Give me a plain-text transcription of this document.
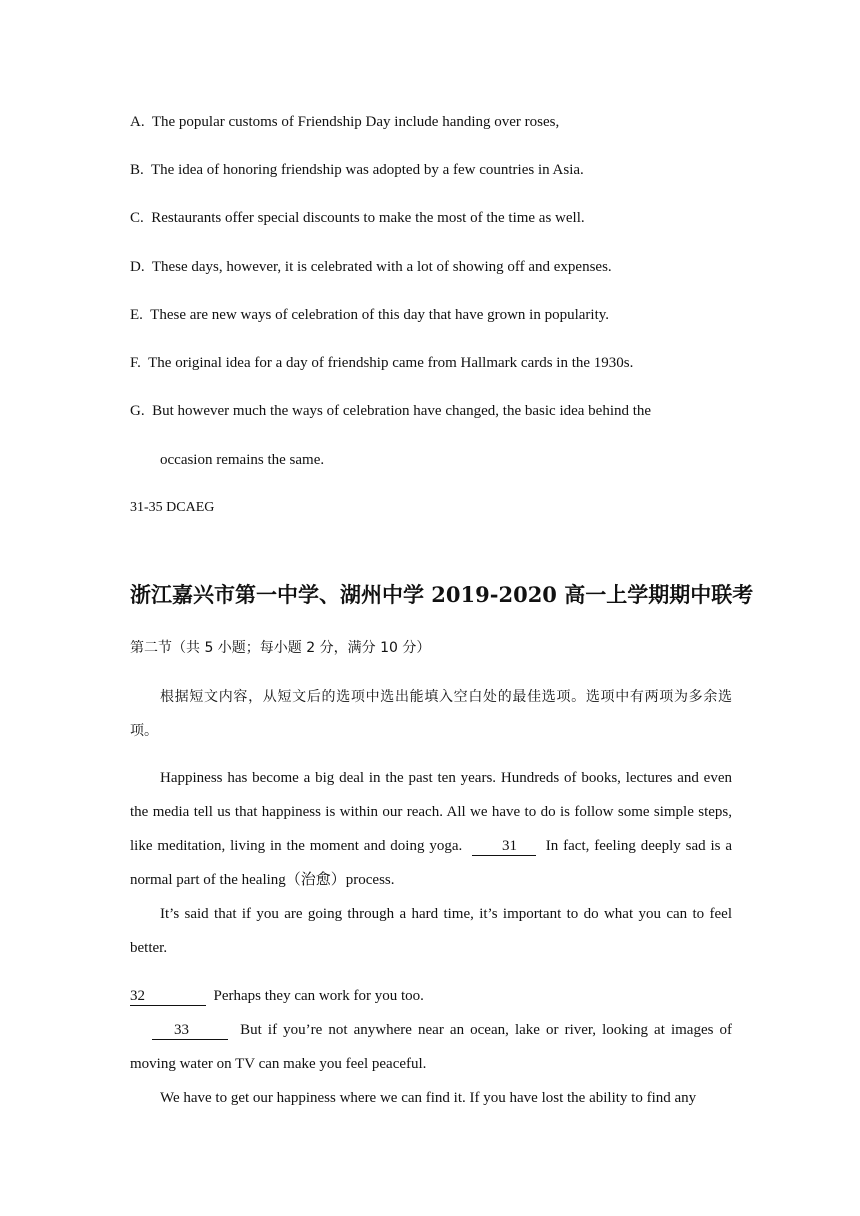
A. The popular customs of Friendship Day include handing over roses,
B. The idea of honoring friendship was adopted by a few countries in Asia.
C. Restaurants offer special discounts to make the most of the time as well.
D. These days, however, it is celebrated with a lot of showing off and expenses.
E. These are new ways of celebration of this day that have grown in popularity.
F. The original idea for a day of friendship came from Hallmark cards in the 1930s.
G. But however much the ways of celebration have changed, the basic idea behind the
occasion remains the same.
31-35 DCAEG
浙江嘉兴市第一中学、湖州中学 2019-2020 高一上学期期中联考
第二节（共 5 小题；每小题 2 分，满分 10 分）
根据短文内容，从短文后的选项中选出能填入空白处的最佳选项。选项中有两项为多余选项。
Happiness has become a big deal in the past ten years. Hundreds of books, lectures and even the media tell us that happiness is within our reach. All we have to do is follow some simple steps, like meditation, living in the moment and doing yoga.	31 In fact, feeling deeply sad is a normal part of the healing（治愈）process.
It’s said that if you are going through a hard time, it’s important to do what you can to feel better.
32	Perhaps they can work for you too.
33	But if you’re not anywhere near an ocean, lake or river, looking at images of moving water on TV can make you feel peaceful.
We have to get our happiness where we can find it. If you have lost the ability to find any
